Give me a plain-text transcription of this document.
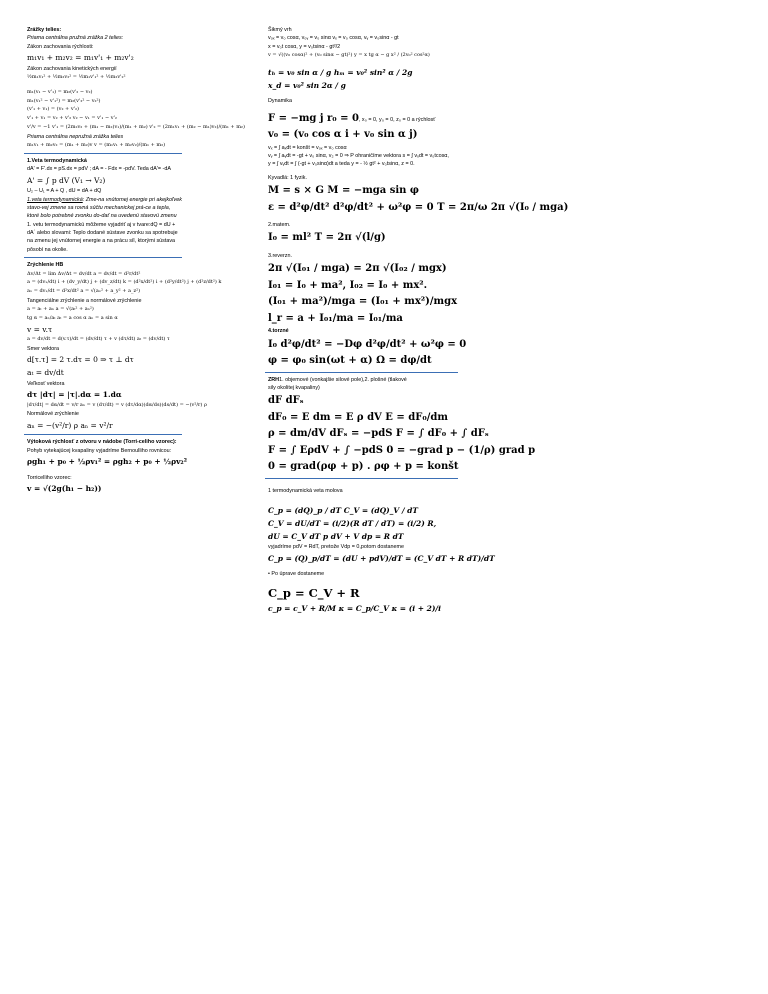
Zrážky telies:

Priama centrálna pružná zrážka 2 telies:

Zákon zachovania rýchlosti:

m₁v₁ + m₂v₂ = m₁v'₁ + m₂v'₂

Zákon zachovania kinetických energií

½m₁v₁² + ½m₂v₂² = ½m₁v'₁² + ½m₂v'₂²
m₁(v₁ − v'₁) = m₂(v'₂ − v₂)
m₁(v₁² − v'₁²) = m₂(v'₂² − v₂²)
(v'₁ + v₁) = (v₂ + v'₂)
v'₁ + v₁ = v₂ + v'₂ v₂ − v₁ = v'₁ − v'₂
v'/v = −1 v'₁ = (2m₂v₂ + (m₁ − m₂)v₁)/(m₁ + m₂) v'₂ = (2m₁v₁ + (m₂ − m₁)v₂)/(m₁ + m₂)

Priama centrálna nepružná zrážka telies

m₁v₁ + m₂v₂ = (m₁ + m₂)v v = (m₁v₁ + m₂v₂)/(m₁ + m₂)

1.Veta termodynamická

dA' = F'.dx = pS.dx = pdV ; dA = - Fdx = -pdV. Teda dA'= -dA

A' = ∫ p dV (V₁ → V₂)

U₂ – U₁ = A + Q , dU = dA + dQ

1.veta termodynamická: Zme-na vnútornej energie pri akejkoľvek stavo-vej zmene sa rovná súčtu mechanickej prá-ce a tepla, ktoré bolo potrebné zvonku do-dať na uvedenú stavovú zmenu

1. vetu termodynamickú môžeme vyjadriť aj v tvare:dQ = dU + dA´ alebo slovami: Teplo dodané sústave zvonku sa spotrebuje na zmenu jej vnútornej energie a na prácu síl, ktorými sústava pôsobí na okolie.

Zrýchlenie HB

Δv/Δt = lim Δv/Δt = dv/dt a = dv/dt = d²r/dt²
a = (dvₓ/dt) i + (dv_y/dt) j + (dv_z/dt) k = (d²x/dt²) i + (d²y/dt²) j + (d²z/dt²) k
aₓ = dvₓ/dt = d²x/dt² a = √(aₓ² + a_y² + a_z²)

Tangenciálne zrýchlenie a normálové zrýchlenie

a = aₜ + aₙ a = √(aₜ² + aₙ²)
tg α = aₙ/aₜ aₜ = a cos α aₙ = a sin α
v = v.τ
a = dv/dt = d(v.τ)/dt = (dv/dt) τ + v (dτ/dt) aₜ = (dv/dt) τ

Smer vektora

d[τ.τ] = 2 τ.dτ = 0 ⇒ τ ⊥ dτ
aₜ = dv/dt

Veľkosť vektora

dτ |dτ| = |τ|.dα = 1.dα
|dτ/dt| = dα/dt = v/r aₙ = v (dτ/dt) = v (dτ/dα)(dα/ds)(ds/dt) = −(v²/r) ρ

Normálové zrýchlenie

aₙ = −(v²/r) ρ aₙ = v²/r

Výtoková rýchlosť z otvoru v nádobe (Torri-celiho vzorec):

Pohyb vytekajúcej kvapaliny vyjadríme Bernoulliho rovnicou:

ρgh₁ + p₀ + ½ρv₁² = ρgh₂ + p₀ + ½ρv₂²

Torricelliho vzorec:

v = √(2g(h₁ − h₂))

Šikmý vrh

vₒₓ = v₀ cosα, v₀ᵧ = v₀ sinα vₓ = v₀ cosα, vᵧ = v₀sinα - gt

x = v₀t cosα, y = v₀tsinα - gt²/2

v = √((v₀ cosα)² + (v₀ sinα − gt)²) y = x tg α − g x² / (2v₀² cos²α)
tₕ = v₀ sin α / g hₘ = v₀² sin² α / 2g
x_d = v₀² sin 2α / g

Dynamika

F = −mg j r₀ = 0, x₀ = 0, y₀ = 0, z₀ = 0 a rýchlosť

v₀ = (v₀ cos α i + v₀ sin α j)

vₓ = ∫ aₓdt = konšt = vₒₓ = v₀ cosα

vᵧ = ∫ aᵧdt = -gt + v₀ sinα, v₂ = 0 ⇒ P ohraničíme vektora s = ∫ vₓdt = v₀tcosα,

y = ∫ vᵧdt = ∫ (-gt + v₀sinα)dt a teda y = - ½ gt² + v₀tsinα, z = 0.

Kyvadlá: 1 fyzik.

M = s × G M = −mga sin φ
ε = d²φ/dt² d²φ/dt² + ω²φ = 0 T = 2π/ω 2π √(I₀ / mga)

2.matem.

I₀ = ml² T = 2π √(l/g)

3.reverzn.

2π √(I₀₁ / mga) = 2π √(I₀₂ / mgx)
I₀₁ = I₀ + ma², I₀₂ = I₀ + mx².
(I₀₁ + ma²)/mga = (I₀₁ + mx²)/mgx
l_r = a + I₀₁/ma = I₀₁/ma

4.torzné

I₀ d²φ/dt² = −Dφ d²φ/dt² + ω²φ = 0
φ = φ₀ sin(ωt + α) Ω = dφ/dt

ZRH1. objemové (vonkajšie silové pole),2. plošné (tlakové

sily okolitej kvapaliny)

dF dFₛ
dF₀ = E dm = E ρ dV E = dF₀/dm
ρ = dm/dV dFₛ = −pdS F = ∫ dF₀ + ∫ dFₛ
F = ∫ EρdV + ∫ −pdS 0 = −grad p − (1/ρ) grad p
0 = grad(ρφ + p) . ρφ + p = konšt

1 termodynamická veta molova

C_p = (dQ)_p / dT C_V = (dQ)_V / dT
C_V = dU/dT = (i/2)(R dT / dT) = (i/2) R,
dU = C_V dT p dV + V dp = R dT

vyjadríme pdV = RdT, pretože Vdp = 0,potom dostaneme

C_p = (Q)_p/dT = (dU + pdV)/dT = (C_V dT + R dT)/dT

• Po úprave dostaneme

C_p = C_V + R
c_p = c_V + R/M κ = C_p/C_V κ = (i + 2)/i
